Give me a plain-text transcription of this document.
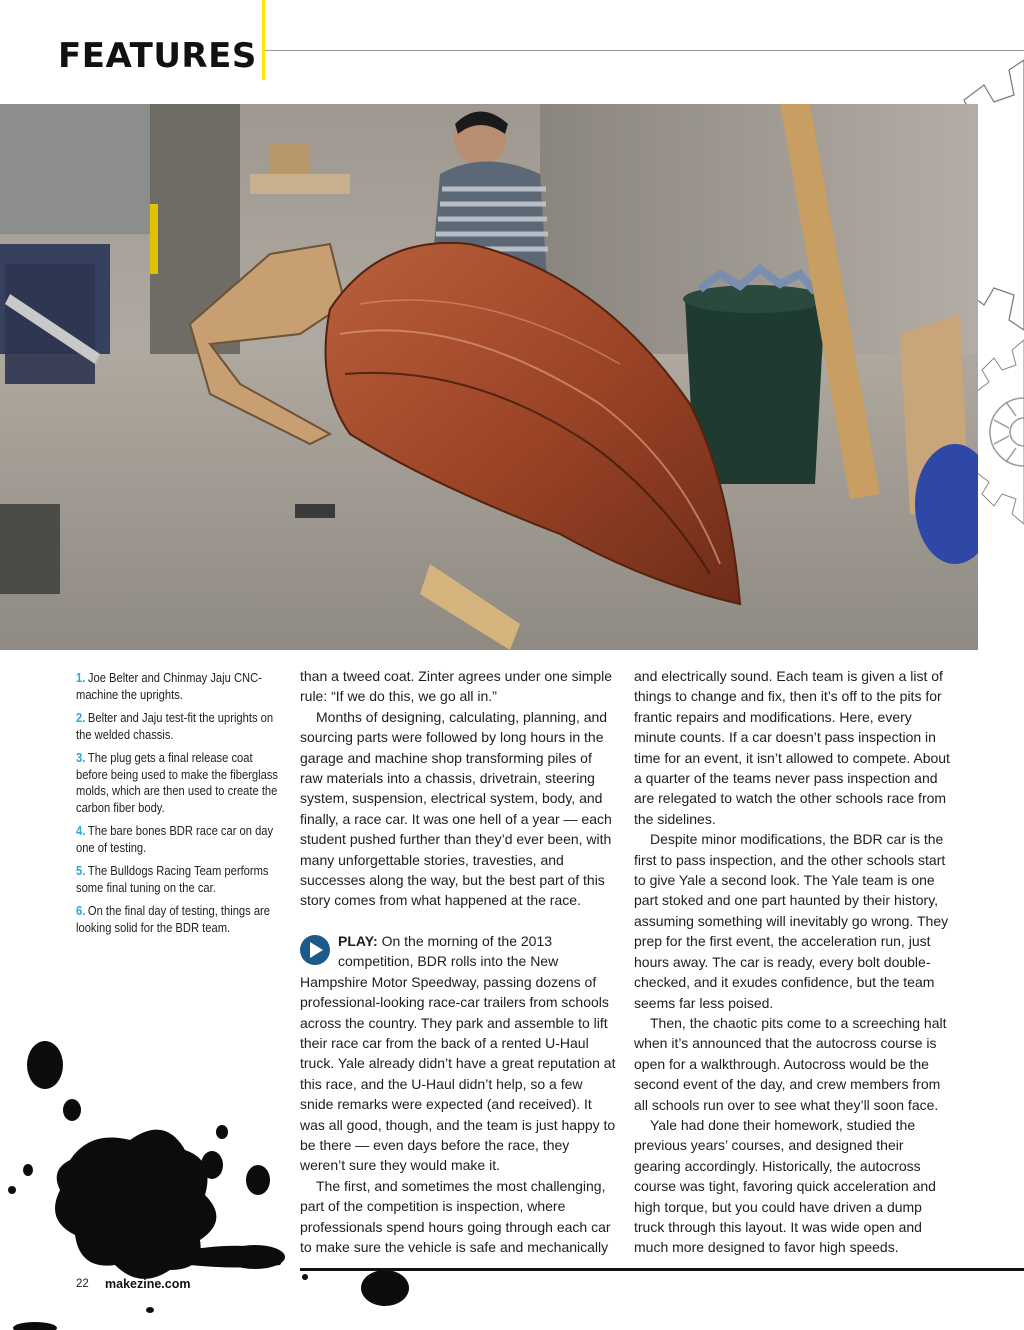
FEATURES
1. Joe Belter and Chinmay Jaju CNC-machine the uprights.
2. Belter and Jaju test-fit the uprights on the welded chassis.
3. The plug gets a final release coat before being used to make the fiberglass molds, which are then used to create the carbon fiber body.
4. The bare bones BDR race car on day one of testing.
5. The Bulldogs Racing Team performs some final tuning on the car.
6. On the final day of testing, things are looking solid for the BDR team.

than a tweed coat. Zinter agrees under one simple rule: “If we do this, we go all in.”

Months of designing, calculating, planning, and sourcing parts were followed by long hours in the garage and machine shop transforming piles of raw materials into a chassis, drivetrain, steering system, suspension, electrical system, body, and finally, a race car. It was one hell of a year — each student pushed further than they’d ever been, with many unforgettable stories, travesties, and successes along the way, but the best part of this story comes from what happened at the race.

PLAY: On the morning of the 2013 competition, BDR rolls into the New Hampshire Motor Speedway, passing dozens of professional-looking race-car trailers from schools across the country. They park and assemble to lift their race car from the back of a rented U-Haul truck. Yale already didn’t have a great reputation at this race, and the U-Haul didn’t help, so a few snide remarks were expected (and received). It was all good, though, and the team is just happy to be there — even days before the race, they weren’t sure they would make it.

The first, and sometimes the most challenging, part of the competition is inspection, where professionals spend hours going through each car to make sure the vehicle is safe and mechanically

and electrically sound. Each team is given a list of things to change and fix, then it’s off to the pits for frantic repairs and modifications. Here, every minute counts. If a car doesn’t pass inspection in time for an event, it isn’t allowed to compete. About a quarter of the teams never pass inspection and are relegated to watch the other schools race from the sidelines.

Despite minor modifications, the BDR car is the first to pass inspection, and the other schools start to give Yale a second look. The Yale team is one part stoked and one part haunted by their history, assuming something will inevitably go wrong. They prep for the first event, the acceleration run, just hours away. The car is ready, every bolt double-checked, and it exudes confidence, but the team seems far less poised.

Then, the chaotic pits come to a screeching halt when it’s announced that the autocross course is open for a walkthrough. Autocross would be the second event of the day, and crew members from all schools run over to see what they’ll soon face.

Yale had done their homework, studied the previous years’ courses, and designed their gearing accordingly. Historically, the autocross course was tight, favoring quick acceleration and high torque, but you could have driven a dump truck through this layout. It was wide open and much more designed to favor high speeds.

22 makezine.com
